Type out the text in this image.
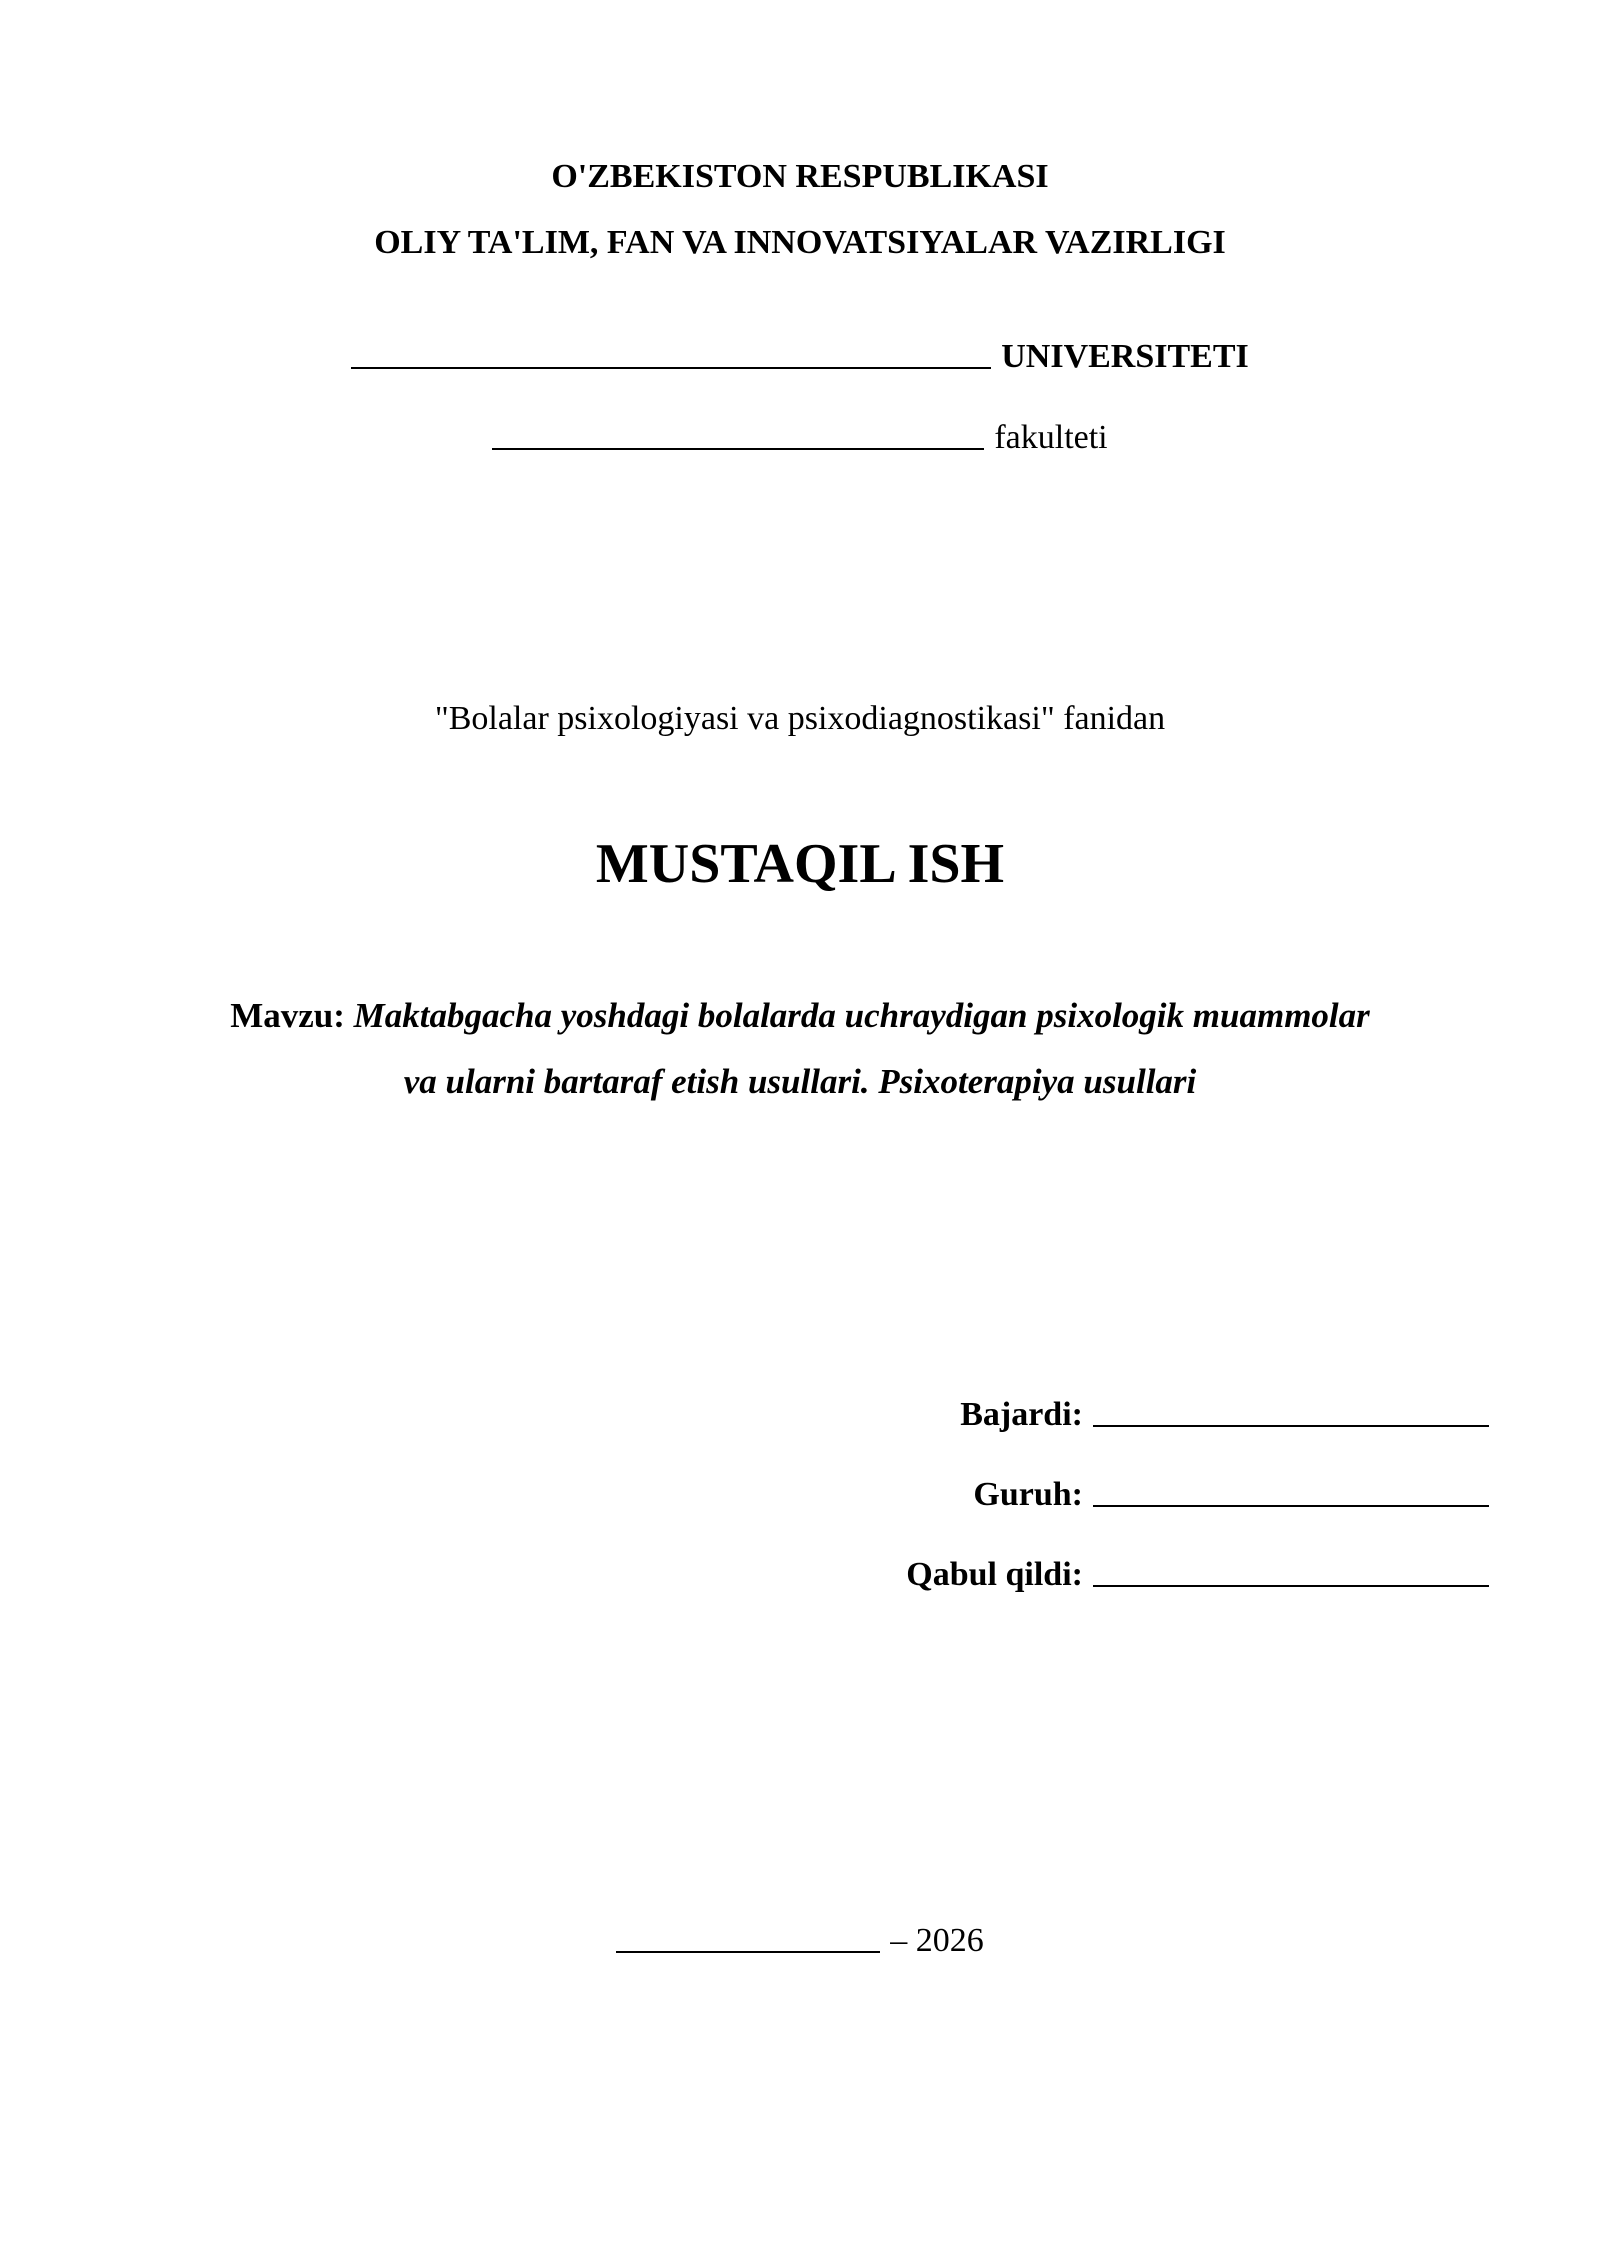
O'ZBEKISTON RESPUBLIKASI
OLIY TA'LIM, FAN VA INNOVATSIYALAR VAZIRLIGI
UNIVERSITETI
fakulteti
"Bolalar psixologiyasi va psixodiagnostikasi" fanidan
MUSTAQIL ISH
Mavzu: Maktabgacha yoshdagi bolalarda uchraydigan psixologik muammolar
va ularni bartaraf etish usullari. Psixoterapiya usullari
Bajardi:
Guruh:
Qabul qildi:
– 2026
